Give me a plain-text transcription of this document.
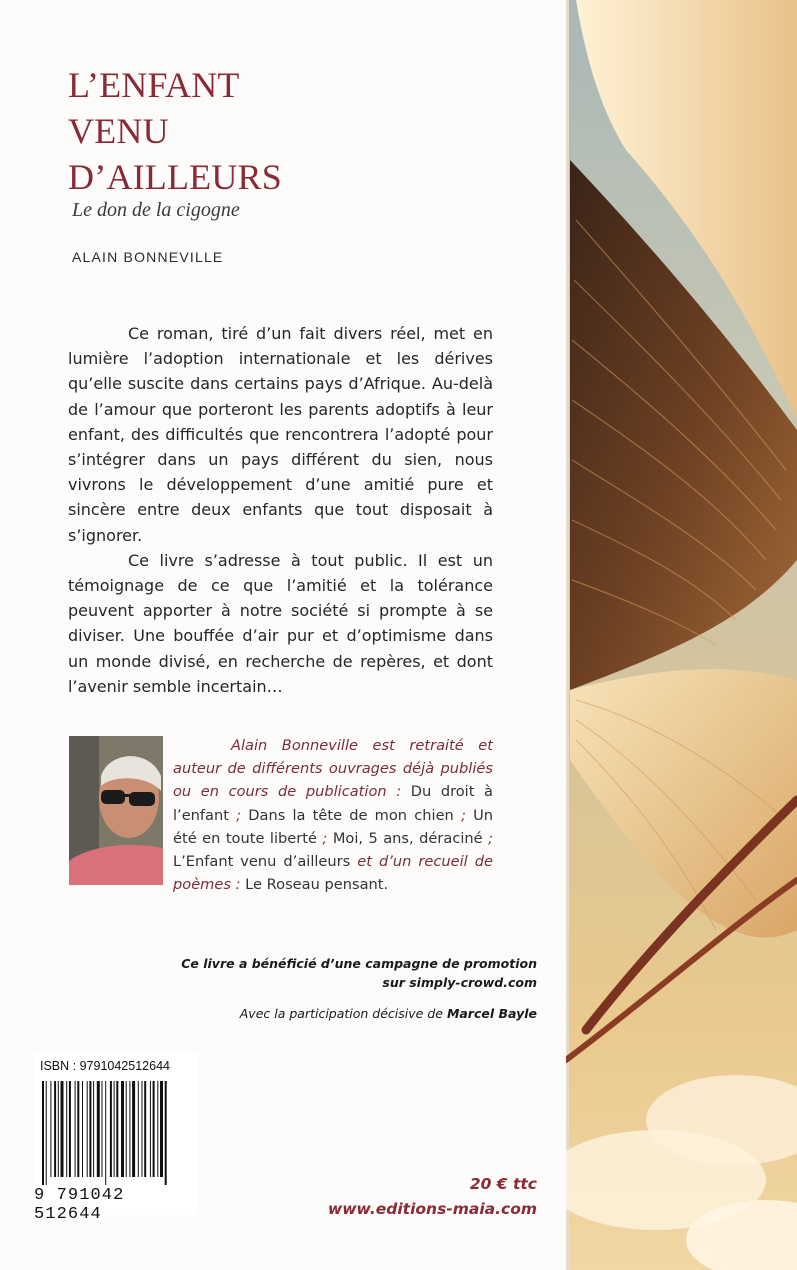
L’ENFANT
VENU
D’AILLEURS
Le don de la cigogne
ALAIN BONNEVILLE

Ce roman, tiré d’un fait divers réel, met en lumière l’adoption internationale et les dérives qu’elle suscite dans certains pays d’Afrique. Au-delà de l’amour que porteront les parents adoptifs à leur enfant, des difficultés que rencontrera l’adopté pour s’intégrer dans un pays différent du sien, nous vivrons le développement d’une amitié pure et sincère entre deux enfants que tout disposait à s’ignorer.

Ce livre s’adresse à tout public. Il est un témoignage de ce que l’amitié et la tolérance peuvent apporter à notre société si prompte à se diviser. Une bouffée d’air pur et d’optimisme dans un monde divisé, en recherche de repères, et dont l’avenir semble incertain…

Alain Bonneville est retraité et auteur de différents ouvrages déjà publiés ou en cours de publication : Du droit à l’enfant ; Dans la tête de mon chien ; Un été en toute liberté ; Moi, 5 ans, déraciné ; L’Enfant venu d’ailleurs et d’un recueil de poèmes : Le Roseau pensant.

Ce livre a bénéficié d’une campagne de promotion
sur simply-crowd.com
Avec la participation décisive de Marcel Bayle
ISBN : 9791042512644
9 791042 512644
20 € ttc
www.editions-maia.com
